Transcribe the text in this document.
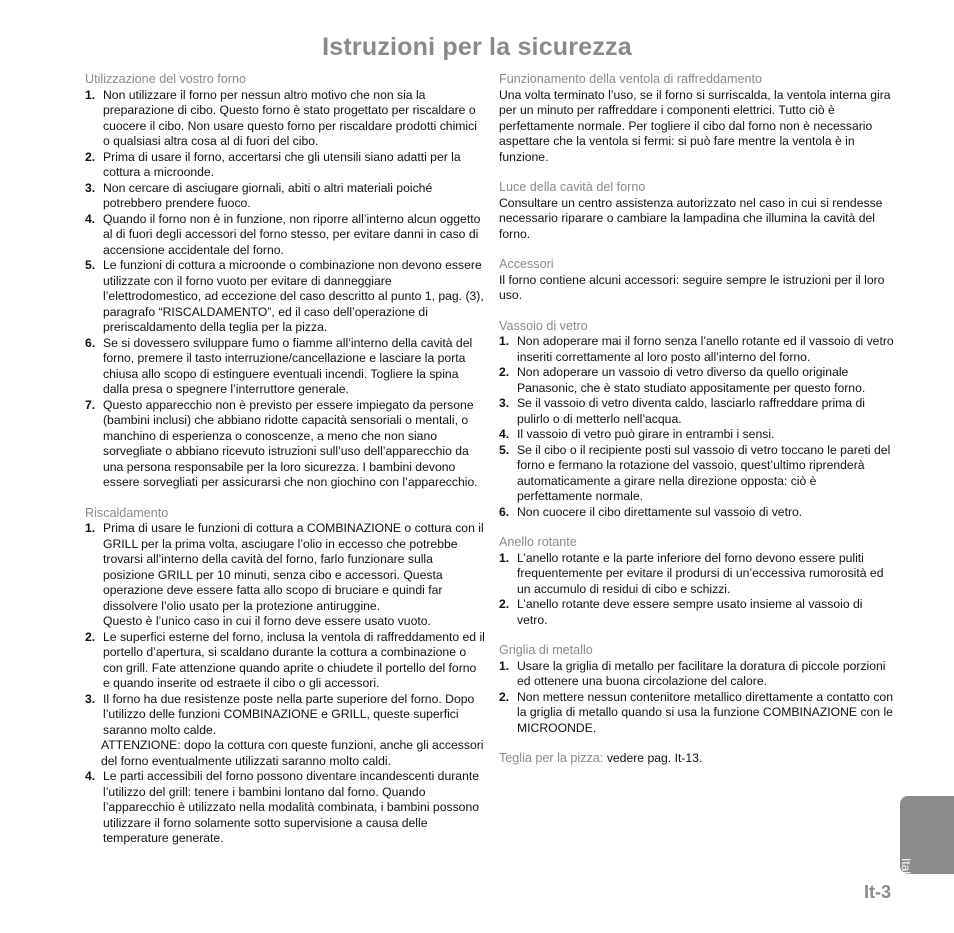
Istruzioni per la sicurezza
Utilizzazione del vostro forno
1. Non utilizzare il forno per nessun altro motivo che non sia la preparazione di cibo. Questo forno è stato progettato per riscaldare o cuocere il cibo. Non usare questo forno per riscaldare prodotti chimici o qualsiasi altra cosa al di fuori del cibo.
2. Prima di usare il forno, accertarsi che gli utensili siano adatti per la cottura a microonde.
3. Non cercare di asciugare giornali, abiti o altri materiali poiché potrebbero prendere fuoco.
4. Quando il forno non è in funzione, non riporre all’interno alcun oggetto al di fuori degli accessori del forno stesso, per evitare danni in caso di accensione accidentale del forno.
5. Le funzioni di cottura a microonde o combinazione non devono essere utilizzate con il forno vuoto per evitare di danneggiare l’elettrodomestico, ad eccezione del caso descritto al punto 1, pag. (3), paragrafo “RISCALDAMENTO”, ed il caso dell’operazione di preriscaldamento della teglia per la pizza.
6. Se si dovessero sviluppare fumo o fiamme all’interno della cavità del forno, premere il tasto interruzione/cancellazione e lasciare la porta chiusa allo scopo di estinguere eventuali incendi. Togliere la spina dalla presa o spegnere l’interruttore generale.
7. Questo apparecchio non è previsto per essere impiegato da persone (bambini inclusi) che abbiano ridotte capacità sensoriali o mentali, o manchino di esperienza o conoscenze, a meno che non siano sorvegliate o abbiano ricevuto istruzioni sull’uso dell’apparecchio da una persona responsabile per la loro sicurezza. I bambini devono essere sorvegliati per assicurarsi che non giochino con l’apparecchio.
Riscaldamento
1. Prima di usare le funzioni di cottura a COMBINAZIONE o cottura con il GRILL per la prima volta, asciugare l’olio in eccesso che potrebbe trovarsi all’interno della cavità del forno, farlo funzionare sulla posizione GRILL per 10 minuti, senza cibo e accessori. Questa operazione deve essere fatta allo scopo di bruciare e quindi far dissolvere l’olio usato per la protezione antiruggine.
Questo è l’unico caso in cui il forno deve essere usato vuoto.
2. Le superfici esterne del forno, inclusa la ventola di raffreddamento ed il portello d’apertura, si scaldano durante la cottura a combinazione o con grill. Fate attenzione quando aprite o chiudete il portello del forno e quando inserite od estraete il cibo o gli accessori.
3. Il forno ha due resistenze poste nella parte superiore del forno. Dopo l’utilizzo delle funzioni COMBINAZIONE e GRILL, queste superfici saranno molto calde.
ATTENZIONE: dopo la cottura con queste funzioni, anche gli accessori del forno eventualmente utilizzati saranno molto caldi.
4. Le parti accessibili del forno possono diventare incandescenti durante l’utilizzo del grill: tenere i bambini lontano dal forno. Quando l’apparecchio è utilizzato nella modalità combinata, i bambini possono utilizzare il forno solamente sotto supervisione a causa delle temperature generate.
Funzionamento della ventola di raffreddamento

Una volta terminato l’uso, se il forno si surriscalda, la ventola interna gira per un minuto per raffreddare i componenti elettrici. Tutto ciò è perfettamente normale. Per togliere il cibo dal forno non è necessario aspettare che la ventola si fermi: si può fare mentre la ventola è in funzione.

Luce della cavità del forno

Consultare un centro assistenza autorizzato nel caso in cui si rendesse necessario riparare o cambiare la lampadina che illumina la cavità del forno.

Accessori

Il forno contiene alcuni accessori: seguire sempre le istruzioni per il loro uso.

Vassoio di vetro
1. Non adoperare mai il forno senza l’anello rotante ed il vassoio di vetro inseriti correttamente al loro posto all’interno del forno.
2. Non adoperare un vassoio di vetro diverso da quello originale Panasonic, che è stato studiato appositamente per questo forno.
3. Se il vassoio di vetro diventa caldo, lasciarlo raffreddare prima di pulirlo o di metterlo nell’acqua.
4. Il vassoio di vetro può girare in entrambi i sensi.
5. Se il cibo o il recipiente posti sul vassoio di vetro toccano le pareti del forno e fermano la rotazione del vassoio, quest’ultimo riprenderà automaticamente a girare nella direzione opposta: ciò è perfettamente normale.
6. Non cuocere il cibo direttamente sul vassoio di vetro.
Anello rotante
1. L’anello rotante e la parte inferiore del forno devono essere puliti frequentemente per evitare il prodursi di un’eccessiva rumorosità ed un accumulo di residui di cibo e schizzi.
2. L’anello rotante deve essere sempre usato insieme al vassoio di vetro.
Griglia di metallo
1. Usare la griglia di metallo per facilitare la doratura di piccole porzioni ed ottenere una buona circolazione del calore.
2. Non mettere nessun contenitore metallico direttamente a contatto con la griglia di metallo quando si usa la funzione COMBINAZIONE con le MICROONDE.
Teglia per la pizza: vedere pag. It-13.
Italiano
It-3
